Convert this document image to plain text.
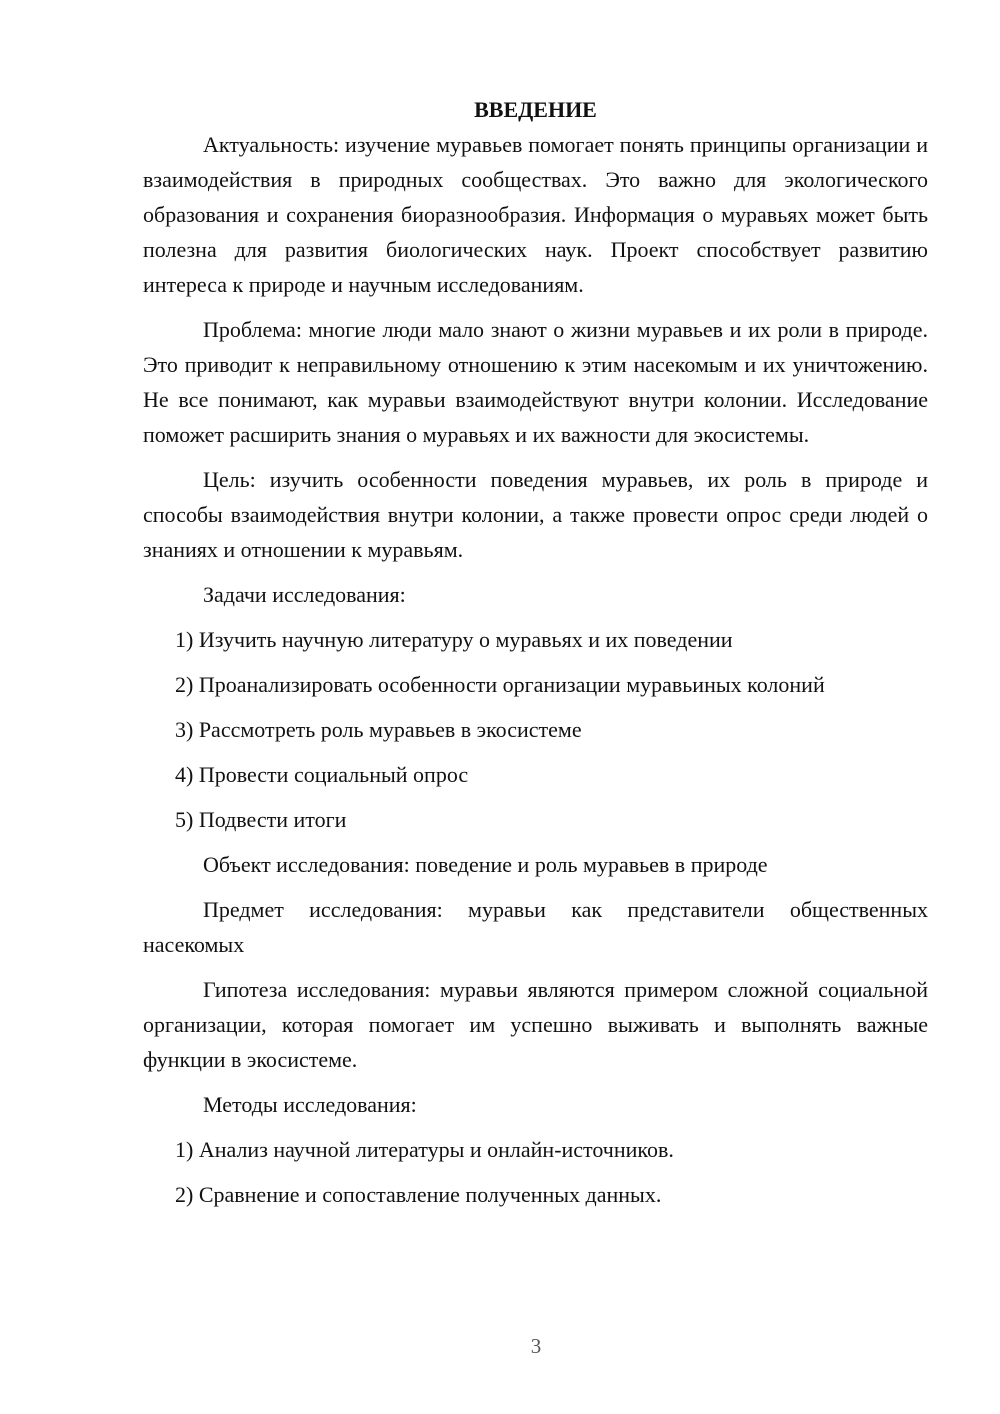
ВВЕДЕНИЕ

Актуальность: изучение муравьев помогает понять принципы организации и взаимодействия в природных сообществах. Это важно для экологического образования и сохранения биоразнообразия. Информация о муравьях может быть полезна для развития биологических наук. Проект способствует развитию интереса к природе и научным исследованиям.

Проблема: многие люди мало знают о жизни муравьев и их роли в природе. Это приводит к неправильному отношению к этим насекомым и их уничтожению. Не все понимают, как муравьи взаимодействуют внутри колонии. Исследование поможет расширить знания о муравьях и их важности для экосистемы.

Цель: изучить особенности поведения муравьев, их роль в природе и способы взаимодействия внутри колонии, а также провести опрос среди людей о знаниях и отношении к муравьям.

Задачи исследования:

1) Изучить научную литературу о муравьях и их поведении

2) Проанализировать особенности организации муравьиных колоний

3) Рассмотреть роль муравьев в экосистеме

4) Провести социальный опрос

5) Подвести итоги

Объект исследования: поведение и роль муравьев в природе

Предмет исследования: муравьи как представители общественных насекомых

Гипотеза исследования: муравьи являются примером сложной социальной организации, которая помогает им успешно выживать и выполнять важные функции в экосистеме.

Методы исследования:

1) Анализ научной литературы и онлайн-источников.

2) Сравнение и сопоставление полученных данных.

3
